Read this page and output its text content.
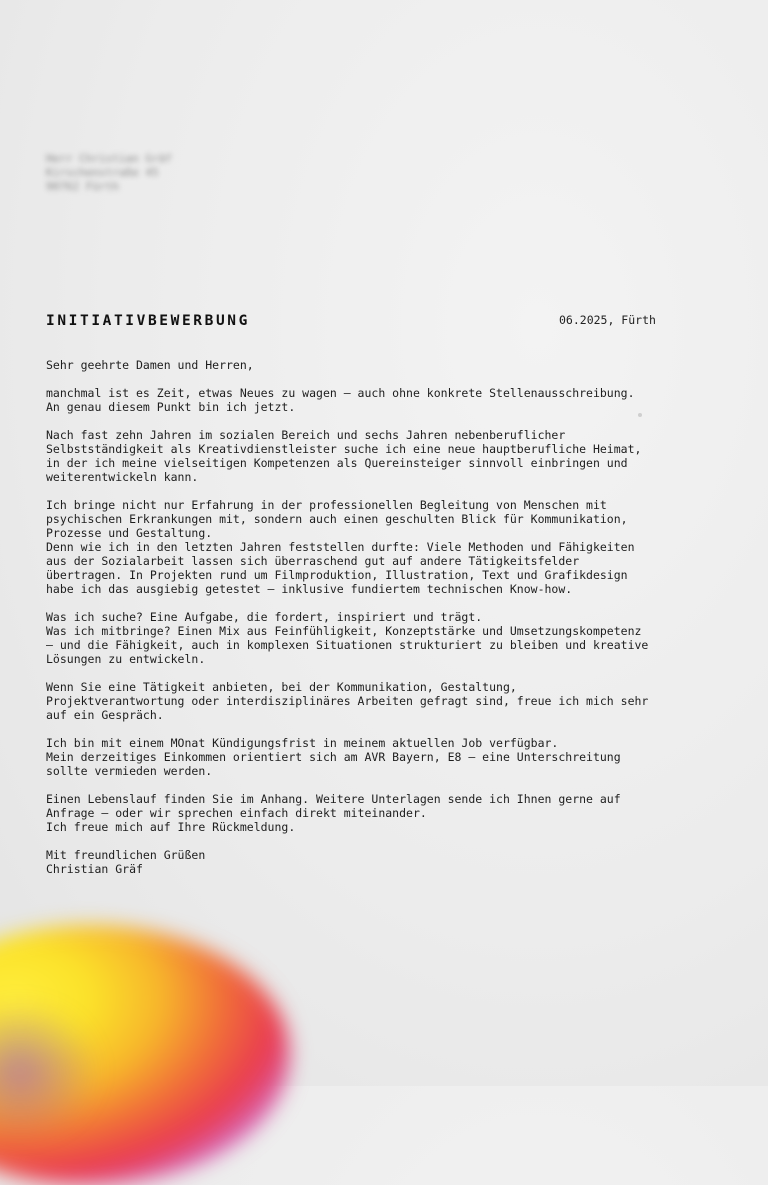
Herr Christian Gräf
Kirschenstraße 45
90762 Fürth
INITIATIVBEWERBUNG	06.2025, Fürth
Sehr geehrte Damen und Herren,
manchmal ist es Zeit, etwas Neues zu wagen – auch ohne konkrete Stellenausschreibung.
An genau diesem Punkt bin ich jetzt.
Nach fast zehn Jahren im sozialen Bereich und sechs Jahren nebenberuflicher
Selbstständigkeit als Kreativdienstleister suche ich eine neue hauptberufliche Heimat,
in der ich meine vielseitigen Kompetenzen als Quereinsteiger sinnvoll einbringen und
weiterentwickeln kann.
Ich bringe nicht nur Erfahrung in der professionellen Begleitung von Menschen mit
psychischen Erkrankungen mit, sondern auch einen geschulten Blick für Kommunikation,
Prozesse und Gestaltung.
Denn wie ich in den letzten Jahren feststellen durfte: Viele Methoden und Fähigkeiten
aus der Sozialarbeit lassen sich überraschend gut auf andere Tätigkeitsfelder
übertragen. In Projekten rund um Filmproduktion, Illustration, Text und Grafikdesign
habe ich das ausgiebig getestet – inklusive fundiertem technischen Know-how.
Was ich suche? Eine Aufgabe, die fordert, inspiriert und trägt.
Was ich mitbringe? Einen Mix aus Feinfühligkeit, Konzeptstärke und Umsetzungskompetenz
– und die Fähigkeit, auch in komplexen Situationen strukturiert zu bleiben und kreative
Lösungen zu entwickeln.
Wenn Sie eine Tätigkeit anbieten, bei der Kommunikation, Gestaltung,
Projektverantwortung oder interdisziplinäres Arbeiten gefragt sind, freue ich mich sehr
auf ein Gespräch.
Ich bin mit einem MOnat Kündigungsfrist in meinem aktuellen Job verfügbar.
Mein derzeitiges Einkommen orientiert sich am AVR Bayern, E8 – eine Unterschreitung
sollte vermieden werden.
Einen Lebenslauf finden Sie im Anhang. Weitere Unterlagen sende ich Ihnen gerne auf
Anfrage – oder wir sprechen einfach direkt miteinander.
Ich freue mich auf Ihre Rückmeldung.
Mit freundlichen Grüßen
Christian Gräf
